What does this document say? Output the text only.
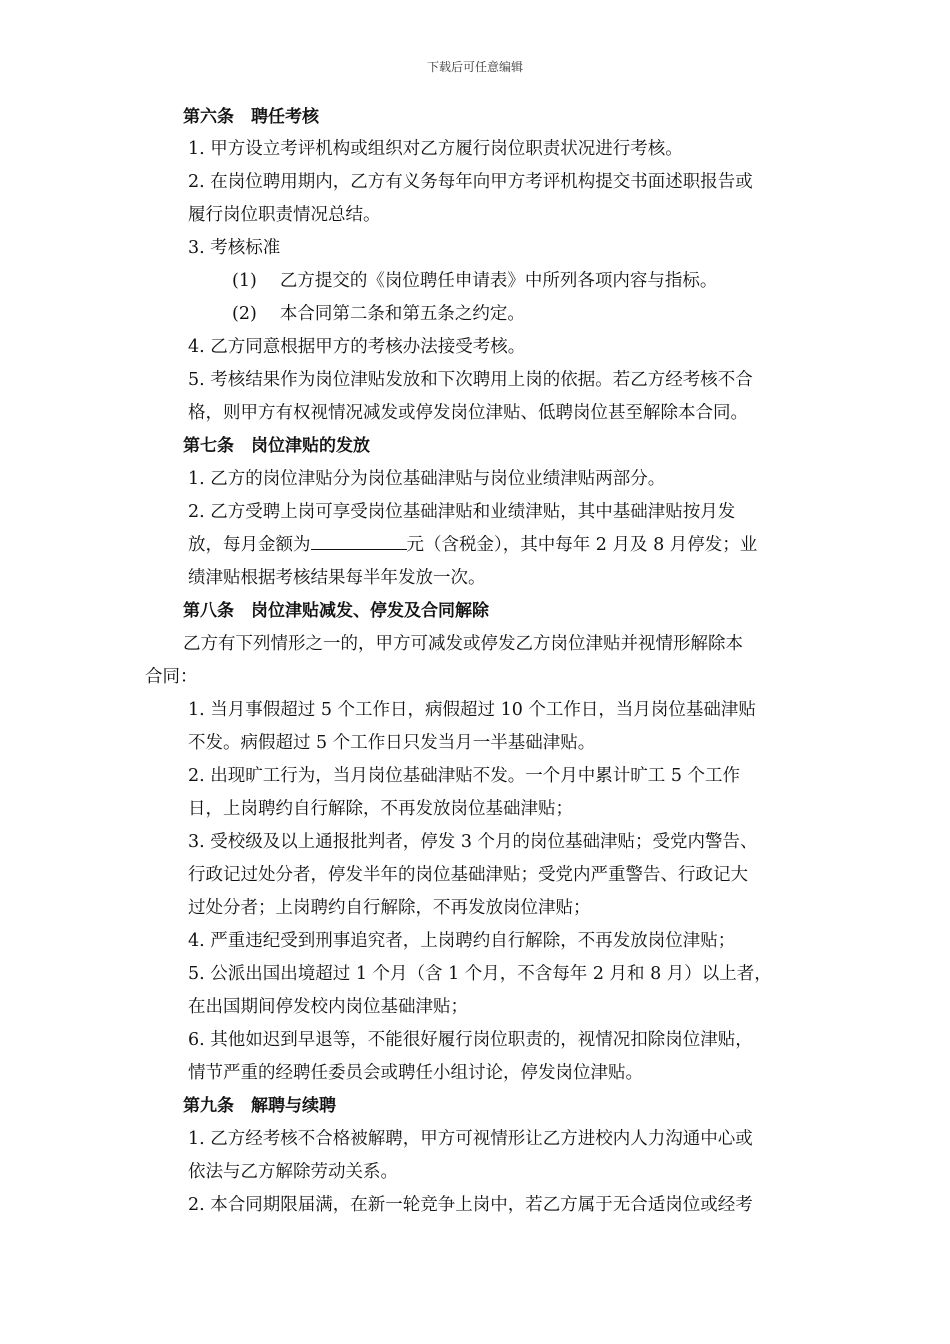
下载后可任意编辑
第六条　聘任考核
1. 甲方设立考评机构或组织对乙方履行岗位职责状况进行考核。
2. 在岗位聘用期内，乙方有义务每年向甲方考评机构提交书面述职报告或
履行岗位职责情况总结。
3. 考核标准
(1)　 乙方提交的《岗位聘任申请表》中所列各项内容与指标。
(2)　 本合同第二条和第五条之约定。
4. 乙方同意根据甲方的考核办法接受考核。
5. 考核结果作为岗位津贴发放和下次聘用上岗的依据。若乙方经考核不合
格，则甲方有权视情况减发或停发岗位津贴、低聘岗位甚至解除本合同。
第七条　岗位津贴的发放
1. 乙方的岗位津贴分为岗位基础津贴与岗位业绩津贴两部分。
2. 乙方受聘上岗可享受岗位基础津贴和业绩津贴，其中基础津贴按月发
放，每月金额为	元（含税金），其中每年 2 月及 8 月停发；业
绩津贴根据考核结果每半年发放一次。
第八条　岗位津贴减发、停发及合同解除
乙方有下列情形之一的，甲方可减发或停发乙方岗位津贴并视情形解除本
合同：
1. 当月事假超过 5 个工作日，病假超过 10 个工作日，当月岗位基础津贴
不发。病假超过 5 个工作日只发当月一半基础津贴。
2. 出现旷工行为，当月岗位基础津贴不发。一个月中累计旷工 5 个工作
日，上岗聘约自行解除，不再发放岗位基础津贴；
3. 受校级及以上通报批判者，停发 3 个月的岗位基础津贴；受党内警告、
行政记过处分者，停发半年的岗位基础津贴；受党内严重警告、行政记大
过处分者；上岗聘约自行解除，不再发放岗位津贴；
4. 严重违纪受到刑事追究者，上岗聘约自行解除，不再发放岗位津贴；
5. 公派出国出境超过 1 个月（含 1 个月，不含每年 2 月和 8 月）以上者，
在出国期间停发校内岗位基础津贴；
6. 其他如迟到早退等，不能很好履行岗位职责的，视情况扣除岗位津贴，
情节严重的经聘任委员会或聘任小组讨论，停发岗位津贴。
第九条　解聘与续聘
1. 乙方经考核不合格被解聘，甲方可视情形让乙方进校内人力沟通中心或
依法与乙方解除劳动关系。
2. 本合同期限届满，在新一轮竞争上岗中，若乙方属于无合适岗位或经考
